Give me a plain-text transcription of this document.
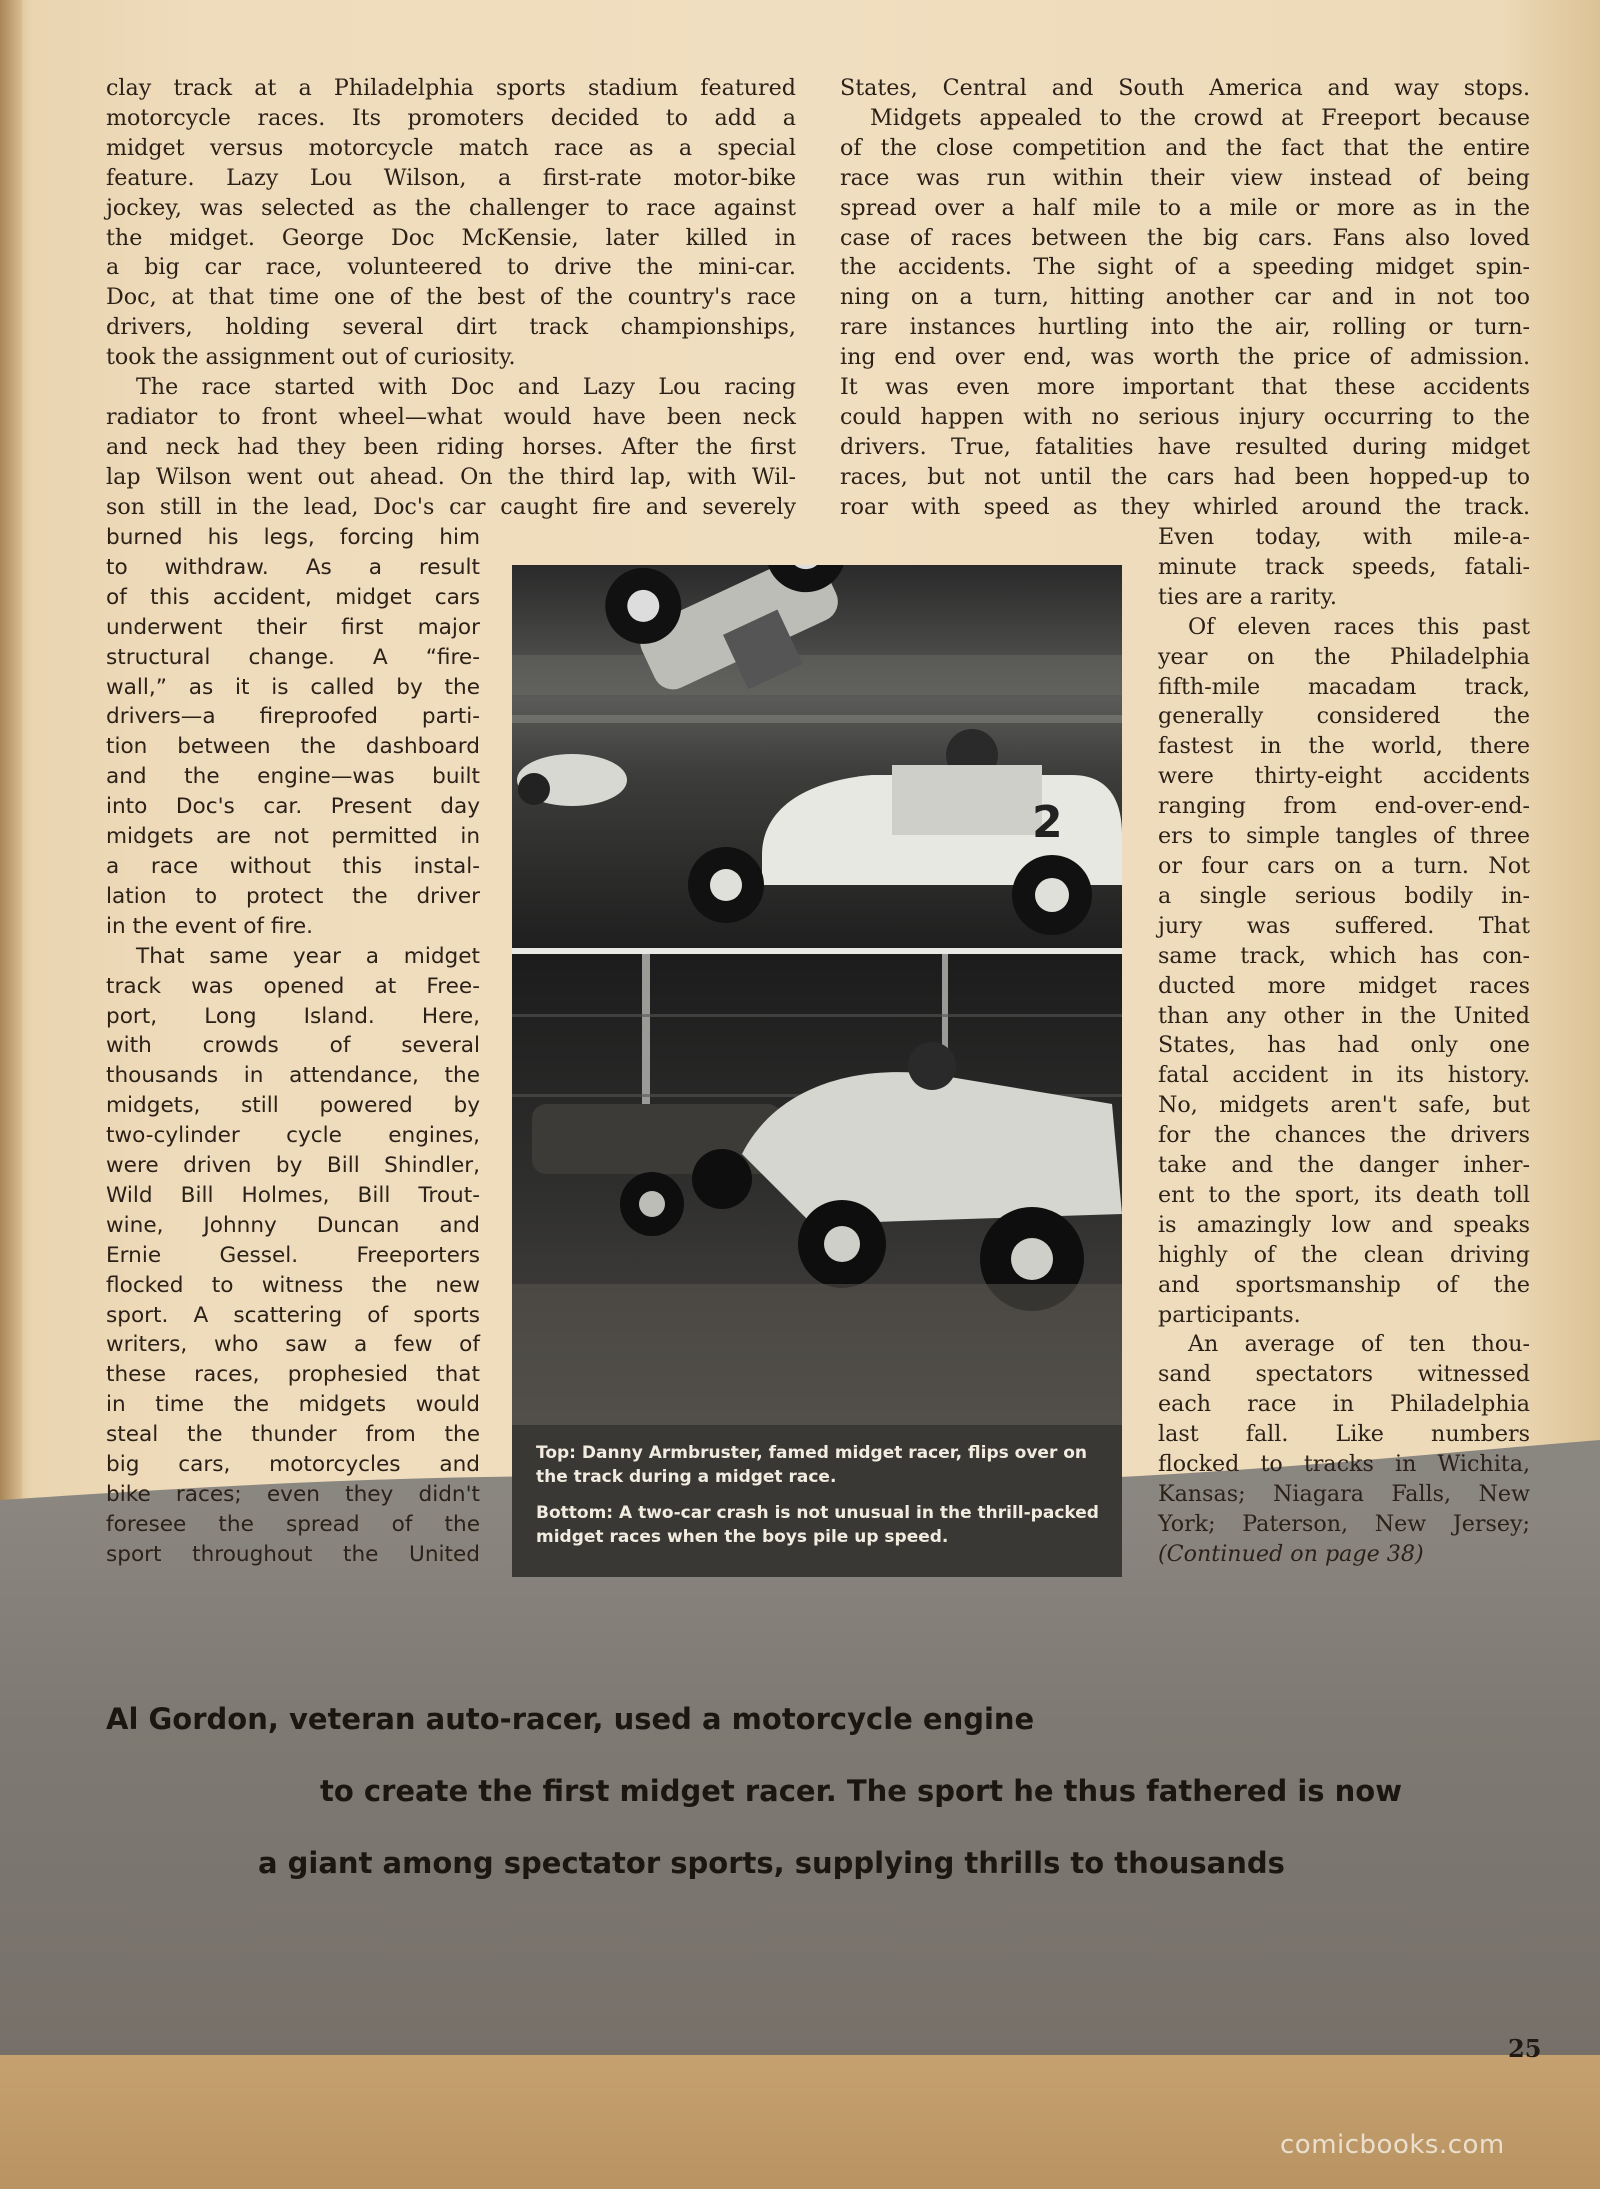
clay track at a Philadelphia sports stadium featured
motorcycle races. Its promoters decided to add a
midget versus motorcycle match race as a special
feature. Lazy Lou Wilson, a first-rate motor-bike
jockey, was selected as the challenger to race against
the midget. George Doc McKensie, later killed in
a big car race, volunteered to drive the mini-car.
Doc, at that time one of the best of the country's race
drivers, holding several dirt track championships,
took the assignment out of curiosity.
The race started with Doc and Lazy Lou racing
radiator to front wheel—what would have been neck
and neck had they been riding horses. After the first
lap Wilson went out ahead. On the third lap, with Wil-
son still in the lead, Doc's car caught fire and severely
burned his legs, forcing him
to withdraw. As a result
of this accident, midget cars
underwent their first major
structural change. A “fire-
wall,” as it is called by the
drivers—a fireproofed parti-
tion between the dashboard
and the engine—was built
into Doc's car. Present day
midgets are not permitted in
a race without this instal-
lation to protect the driver
in the event of fire.
That same year a midget
track was opened at Free-
port, Long Island. Here,
with crowds of several
thousands in attendance, the
midgets, still powered by
two-cylinder cycle engines,
were driven by Bill Shindler,
Wild Bill Holmes, Bill Trout-
wine, Johnny Duncan and
Ernie Gessel. Freeporters
flocked to witness the new
sport. A scattering of sports
writers, who saw a few of
these races, prophesied that
in time the midgets would
steal the thunder from the
big cars, motorcycles and
bike races; even they didn't
foresee the spread of the
sport throughout the United
States, Central and South America and way stops.
Midgets appealed to the crowd at Freeport because
of the close competition and the fact that the entire
race was run within their view instead of being
spread over a half mile to a mile or more as in the
case of races between the big cars. Fans also loved
the accidents. The sight of a speeding midget spin-
ning on a turn, hitting another car and in not too
rare instances hurtling into the air, rolling or turn-
ing end over end, was worth the price of admission.
It was even more important that these accidents
could happen with no serious injury occurring to the
drivers. True, fatalities have resulted during midget
races, but not until the cars had been hopped-up to
roar with speed as they whirled around the track.
Even today, with mile-a-
minute track speeds, fatali-
ties are a rarity.
Of eleven races this past
year on the Philadelphia
fifth-mile macadam track,
generally considered the
fastest in the world, there
were thirty-eight accidents
ranging from end-over-end-
ers to simple tangles of three
or four cars on a turn. Not
a single serious bodily in-
jury was suffered. That
same track, which has con-
ducted more midget races
than any other in the United
States, has had only one
fatal accident in its history.
No, midgets aren't safe, but
for the chances the drivers
take and the danger inher-
ent to the sport, its death toll
is amazingly low and speaks
highly of the clean driving
and sportsmanship of the
participants.
An average of ten thou-
sand spectators witnessed
each race in Philadelphia
last fall. Like numbers
flocked to tracks in Wichita,
Kansas; Niagara Falls, New
York; Paterson, New Jersey;
(Continued on page 38)
2

Top: Danny Armbruster, famed midget racer, flips over on the track during a midget race.

Bottom: A two-car crash is not unusual in the thrill-packed midget races when the boys pile up speed.

Al Gordon, veteran auto-racer, used a motorcycle engine
to create the first midget racer. The sport he thus fathered is now
a giant among spectator sports, supplying thrills to thousands
25
comicbooks.com
